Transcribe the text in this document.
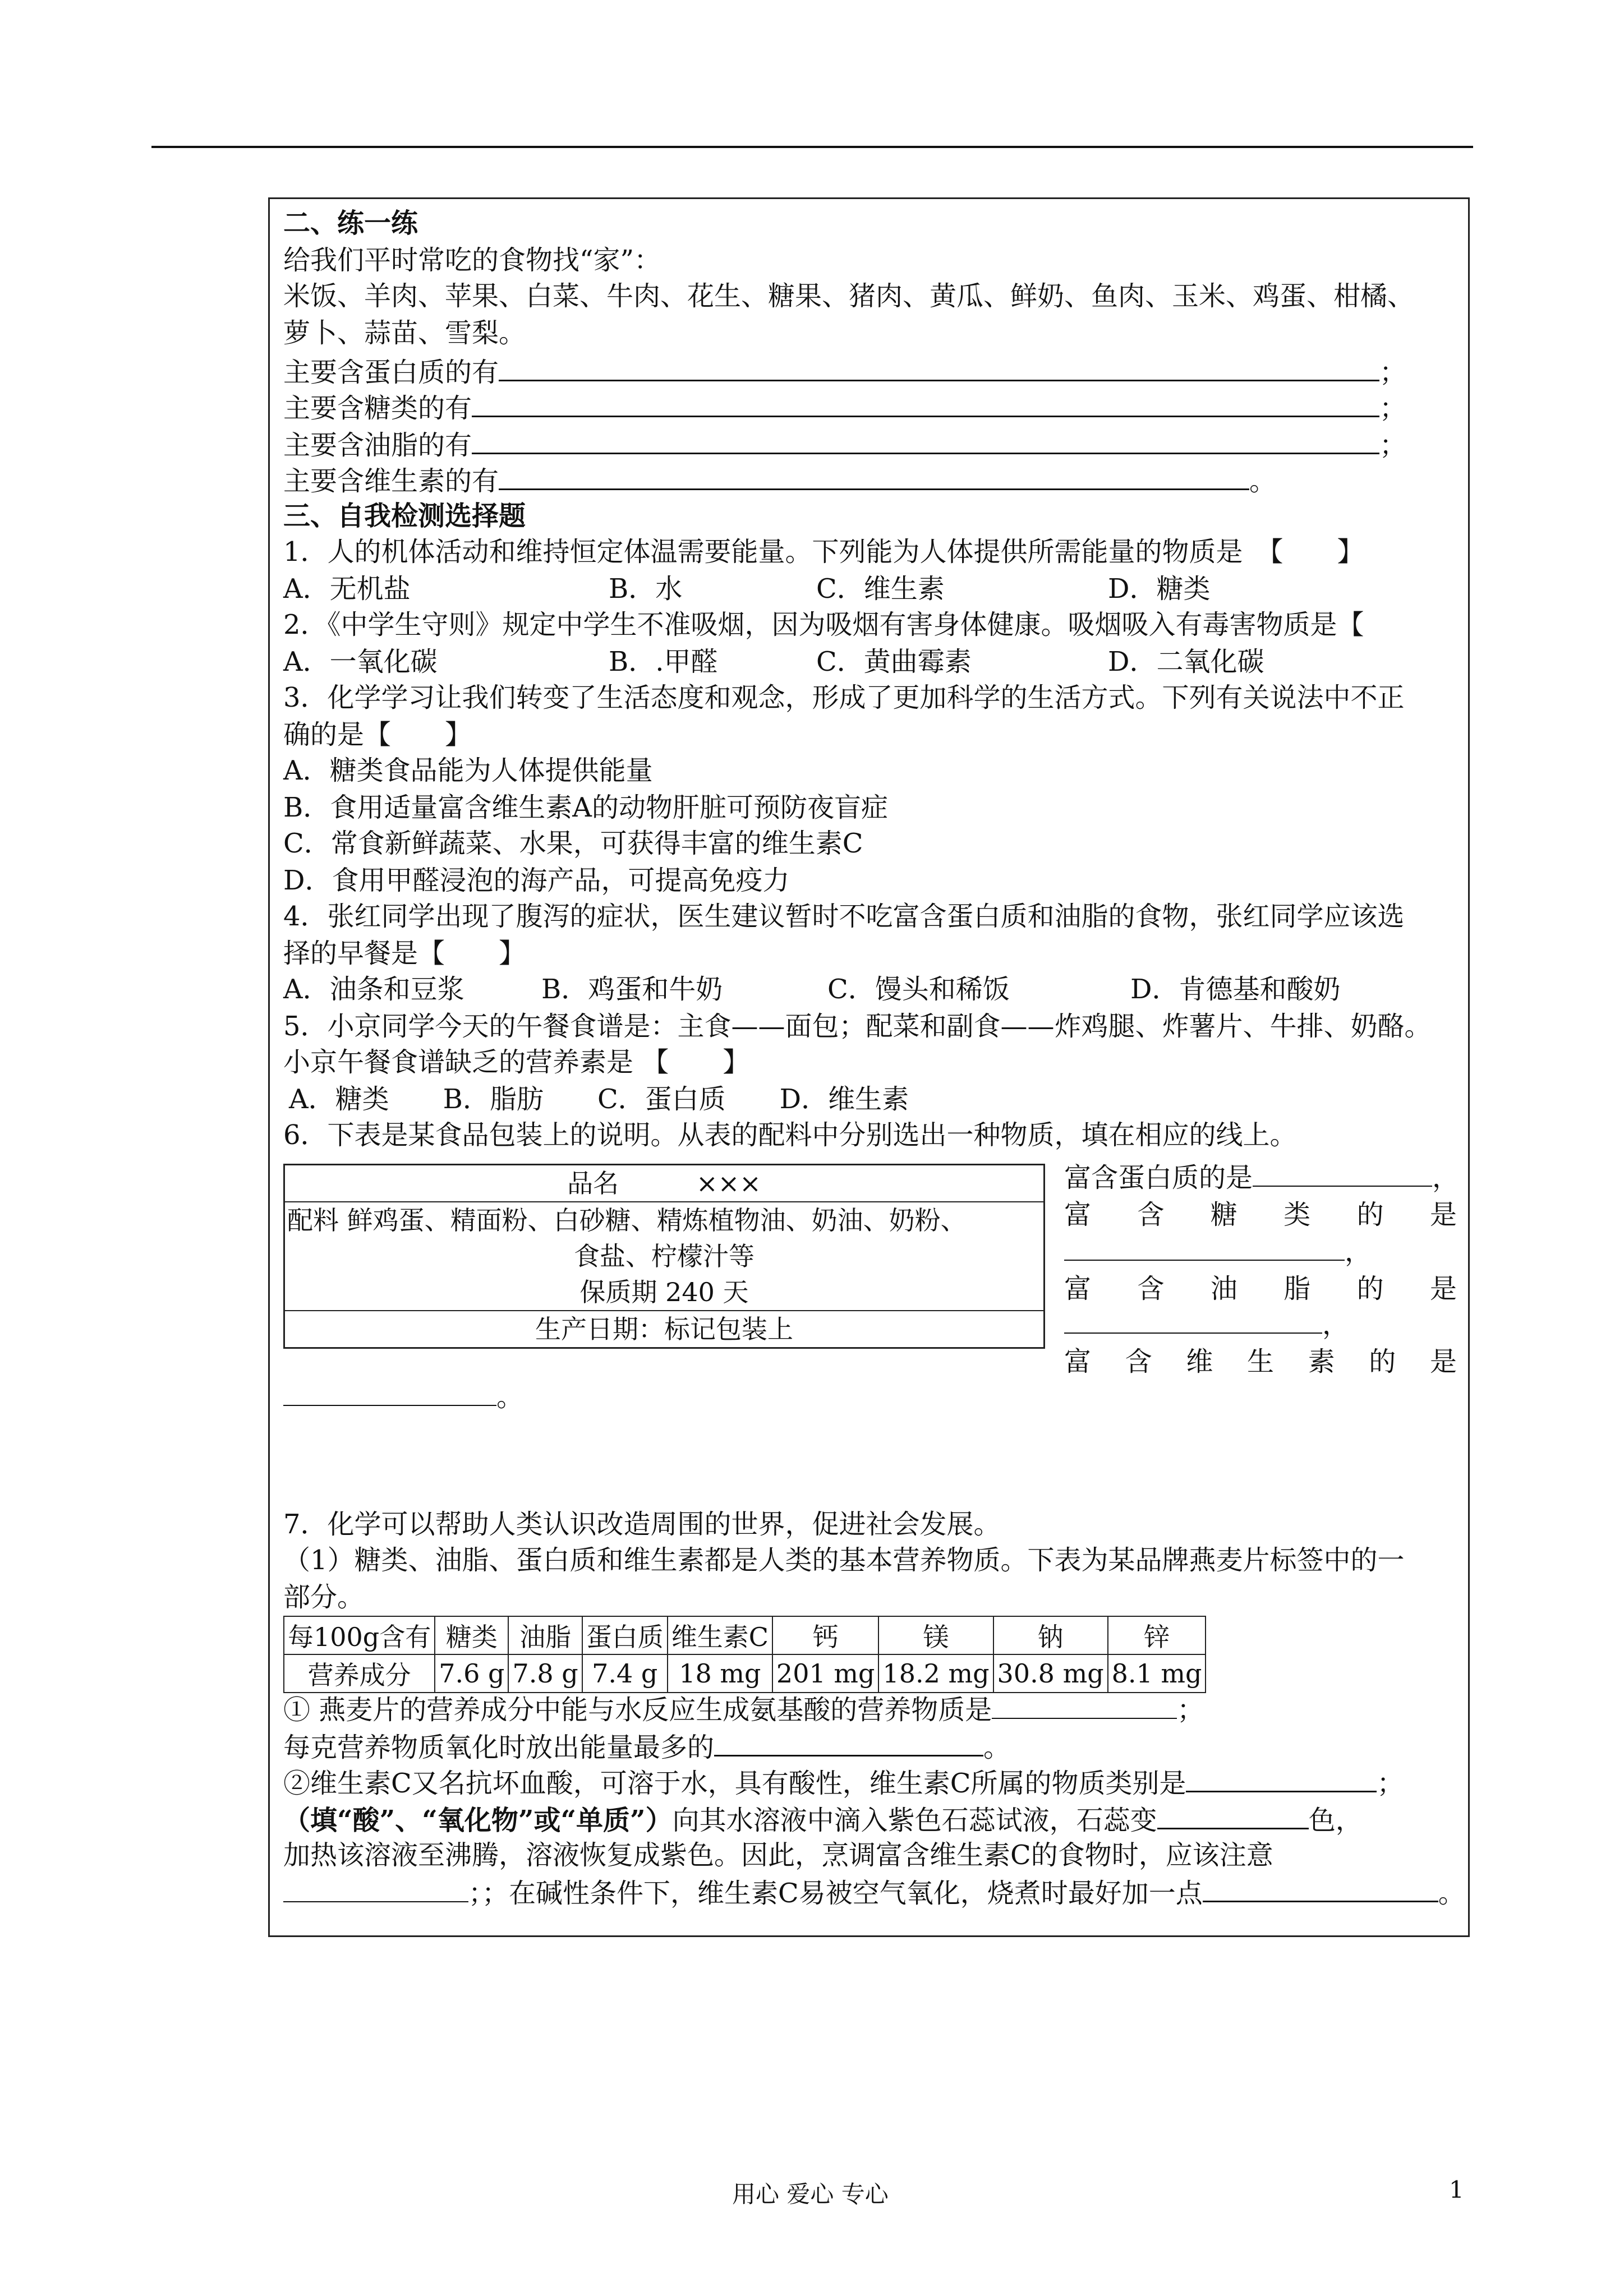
二、练一练
给我们平时常吃的食物找“家”：
米饭、羊肉、苹果、白菜、牛肉、花生、糖果、猪肉、黄瓜、鲜奶、鱼肉、玉米、鸡蛋、柑橘、
萝卜、蒜苗、雪梨。
主要含蛋白质的有	；
主要含糖类的有	；
主要含油脂的有	；
主要含维生素的有	。
三、自我检测选择题
1．人的机体活动和维持恒定体温需要能量。下列能为人体提供所需能量的物质是　【　　】
A．无机盐	B．水	C．维生素	D．糖类
2．《中学生守则》规定中学生不准吸烟，因为吸烟有害身体健康。吸烟吸入有毒害物质是【
A．一氧化碳	B．.甲醛	C．黄曲霉素	D．二氧化碳
3．化学学习让我们转变了生活态度和观念，形成了更加科学的生活方式。下列有关说法中不正
确的是【　　】
A．糖类食品能为人体提供能量
B．食用适量富含维生素A的动物肝脏可预防夜盲症
C．常食新鲜蔬菜、水果，可获得丰富的维生素C
D．食用甲醛浸泡的海产品，可提高免疫力
4．张红同学出现了腹泻的症状，医生建议暂时不吃富含蛋白质和油脂的食物，张红同学应该选
择的早餐是【　　】
A．油条和豆浆	B．鸡蛋和牛奶	C．馒头和稀饭	D．肯德基和酸奶
5．小京同学今天的午餐食谱是：主食——面包；配菜和副食——炸鸡腿、炸薯片、牛排、奶酪。
小京午餐食谱缺乏的营养素是 【　　】
A．糖类　　B．脂肪　　C．蛋白质　　D．维生素
6．下表是某食品包装上的说明。从表的配料中分别选出一种物质，填在相应的线上。
品名　　　×××
配料 鲜鸡蛋、精面粉、白砂糖、精炼植物油、奶油、奶粉、
食盐、柠檬汁等
保质期 240 天
生产日期：标记包装上
富含蛋白质的是	，
富 含 糖 类 的 是
，
富 含 油 脂 的 是
，
富 含 维 生 素 的 是
。
7．化学可以帮助人类认识改造周围的世界，促进社会发展。
（1）糖类、油脂、蛋白质和维生素都是人类的基本营养物质。下表为某品牌燕麦片标签中的一
部分。
每100g含有	糖类	油脂	蛋白质	维生素C	钙	镁	钠	锌
营养成分	7.6 g	7.8 g	7.4 g	18 mg	201 mg	18.2 mg	30.8 mg	8.1 mg
① 燕麦片的营养成分中能与水反应生成氨基酸的营养物质是	；
每克营养物质氧化时放出能量最多的	。
②维生素C又名抗坏血酸，可溶于水，具有酸性，维生素C所属的物质类别是	；
（填“酸”、“氧化物”或“单质”）向其水溶液中滴入紫色石蕊试液，石蕊变	色，
加热该溶液至沸腾，溶液恢复成紫色。因此，烹调富含维生素C的食物时，应该注意
；；在碱性条件下，维生素C易被空气氧化，烧煮时最好加一点	。
用心 爱心 专心	1
